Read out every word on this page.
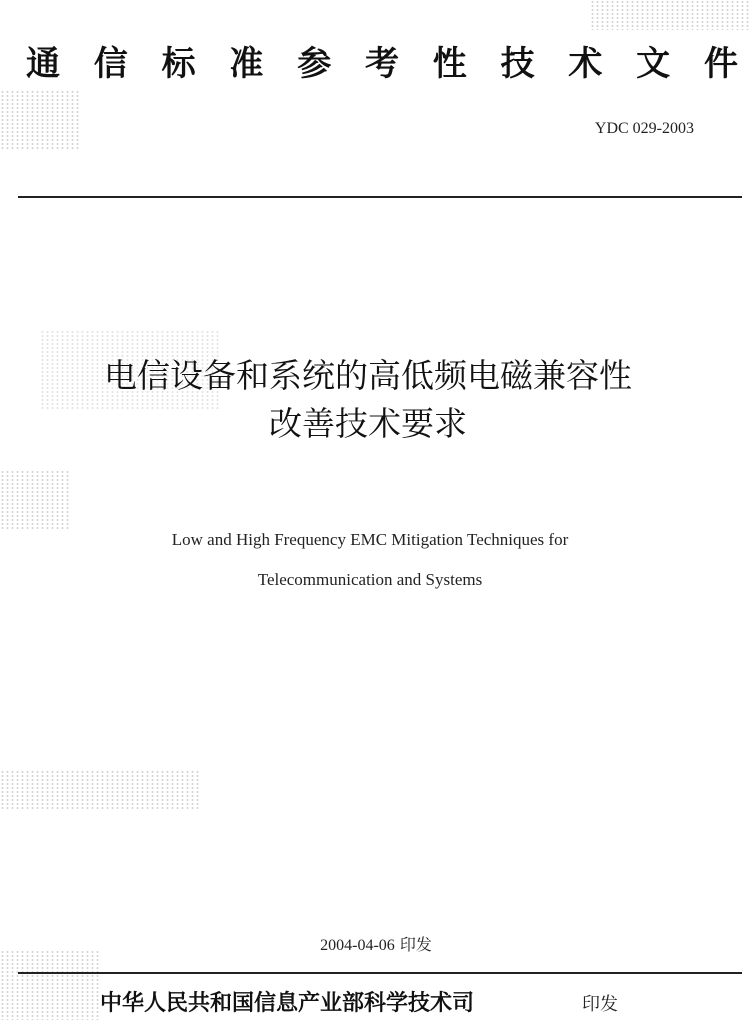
通 信 标 准 参 考 性 技 术 文 件
YDC 029-2003
电信设备和系统的高低频电磁兼容性
改善技术要求
Low and High Frequency EMC Mitigation Techniques for
Telecommunication and Systems
2004-04-06 印发
中华人民共和国信息产业部科学技术司	印发
